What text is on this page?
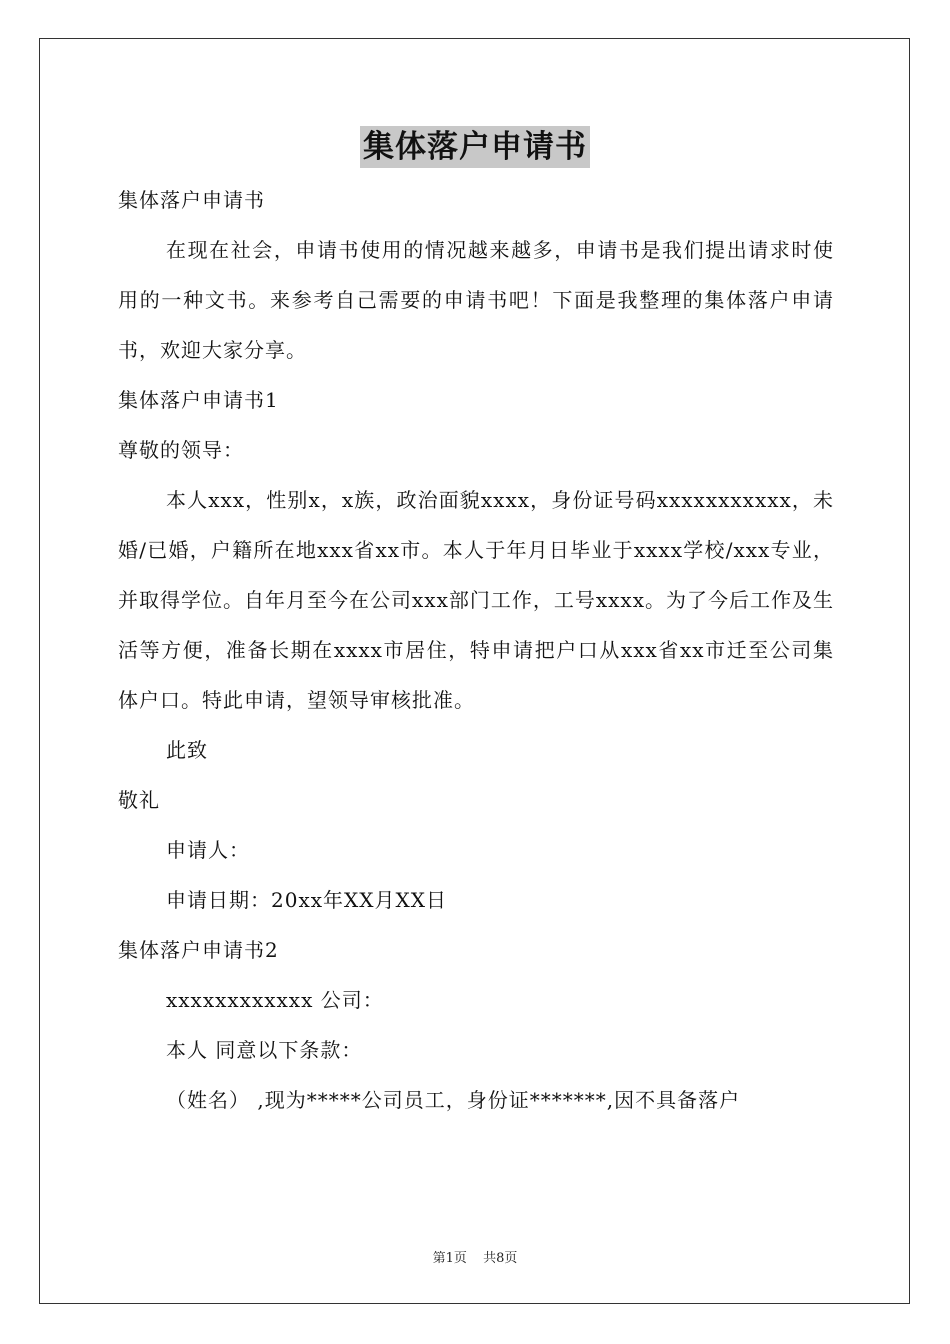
集体落户申请书

集体落户申请书

在现在社会，申请书使用的情况越来越多，申请书是我们提出请求时使用的一种文书。来参考自己需要的申请书吧！下面是我整理的集体落户申请书，欢迎大家分享。

集体落户申请书1

尊敬的领导：

本人xxx，性别x，x族，政治面貌xxxx，身份证号码xxxxxxxxxxx，未婚/已婚，户籍所在地xxx省xx市。本人于年月日毕业于xxxx学校/xxx专业，并取得学位。自年月至今在公司xxx部门工作，工号xxxx。为了今后工作及生活等方便，准备长期在xxxx市居住，特申请把户口从xxx省xx市迁至公司集体户口。特此申请，望领导审核批准。

此致

敬礼

申请人：

申请日期：20xx年XX月XX日

集体落户申请书2

xxxxxxxxxxxx 公司：

本人 同意以下条款：

（姓名） ,现为*****公司员工，身份证*******,因不具备落户

第1页 共8页
